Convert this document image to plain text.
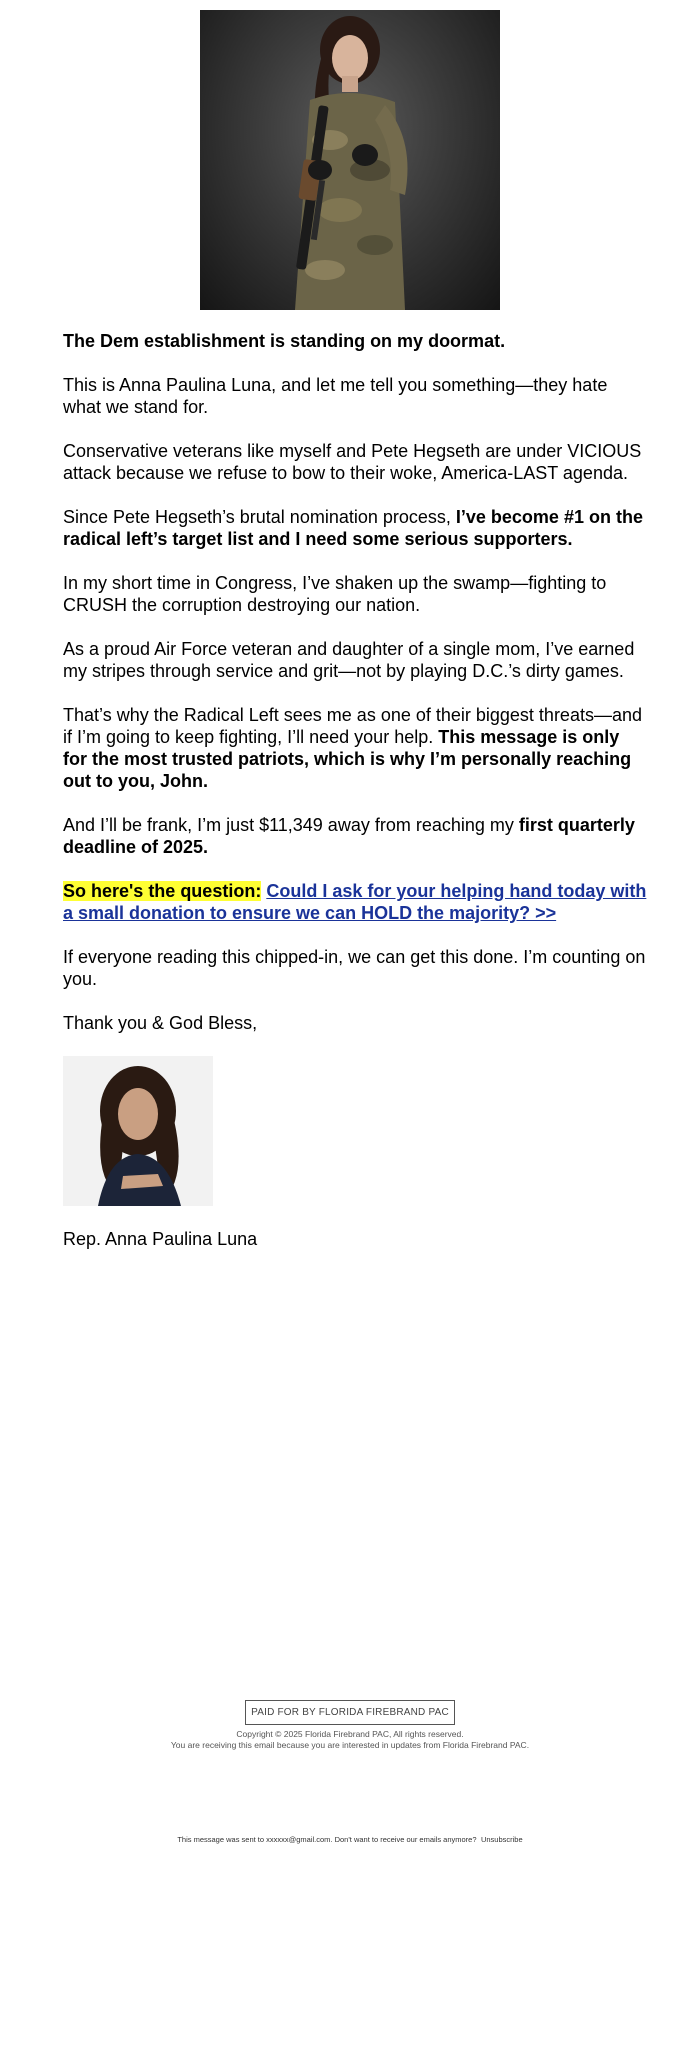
The Dem establishment is standing on my doormat.

This is Anna Paulina Luna, and let me tell you something—they hate what we stand for.

Conservative veterans like myself and Pete Hegseth are under VICIOUS attack because we refuse to bow to their woke, America-LAST agenda.

Since Pete Hegseth’s brutal nomination process, I’ve become #1 on the radical left’s target list and I need some serious supporters.

In my short time in Congress, I’ve shaken up the swamp—fighting to CRUSH the corruption destroying our nation.

As a proud Air Force veteran and daughter of a single mom, I’ve earned my stripes through service and grit—not by playing D.C.’s dirty games.

That’s why the Radical Left sees me as one of their biggest threats—and if I’m going to keep fighting, I’ll need your help. This message is only for the most trusted patriots, which is why I’m personally reaching out to you, John.

And I’ll be frank, I’m just $11,349 away from reaching my first quarterly deadline of 2025.

So here's the question: Could I ask for your helping hand today with a small donation to ensure we can HOLD the majority? >>

If everyone reading this chipped-in, we can get this done. I’m counting on you.

Thank you & God Bless,

Rep. Anna Paulina Luna

PAID FOR BY FLORIDA FIREBRAND PAC
Copyright © 2025 Florida Firebrand PAC, All rights reserved.
You are receiving this email because you are interested in updates from Florida Firebrand PAC.
This message was sent to xxxxxx@gmail.com. Don't want to receive our emails anymore? Unsubscribe
